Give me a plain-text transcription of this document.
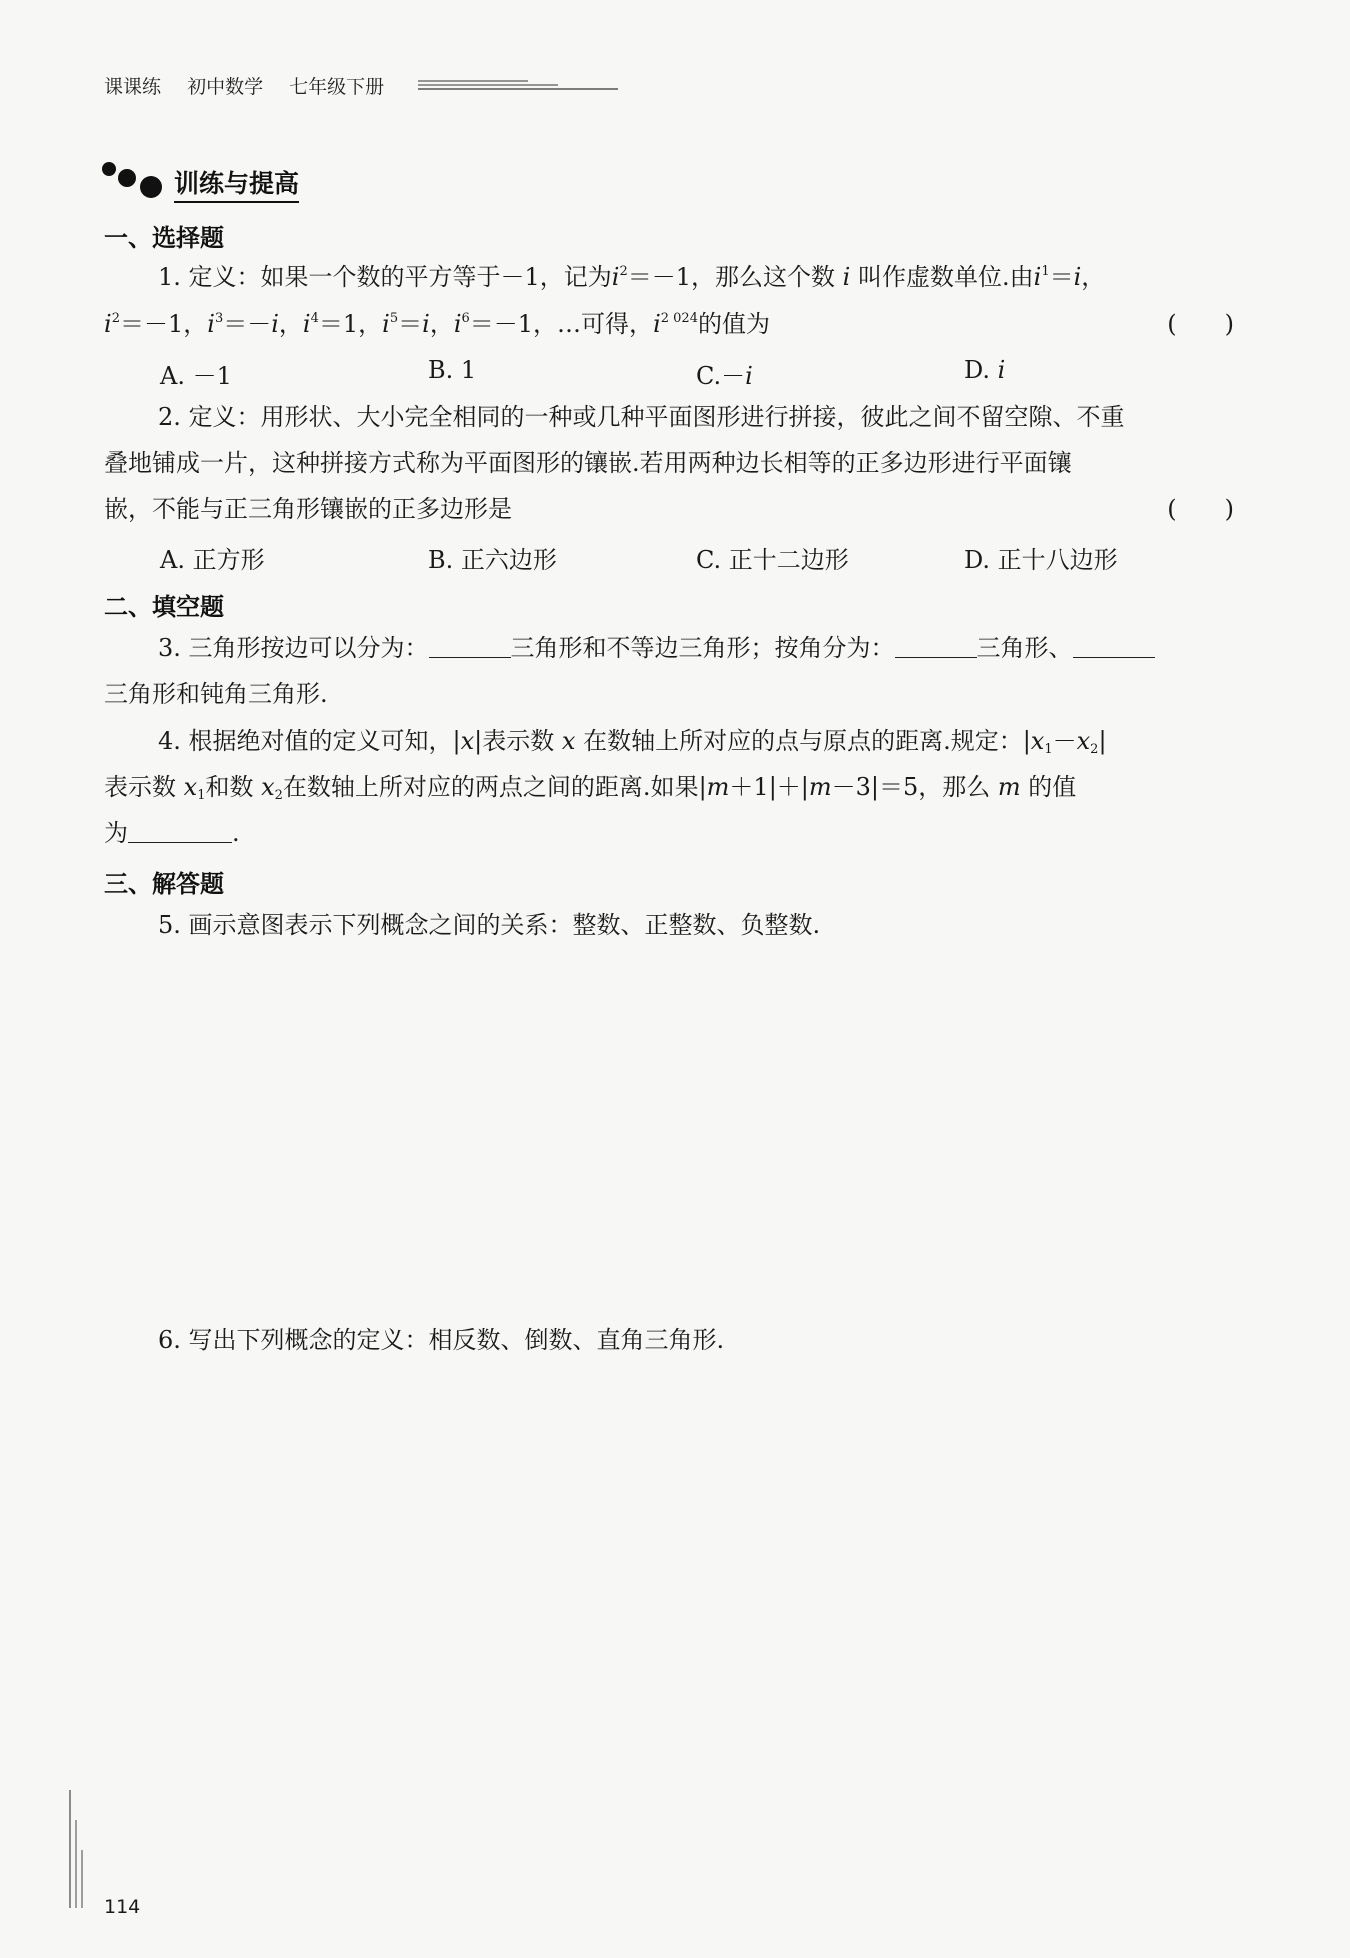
课课练 初中数学 七年级下册
训练与提高
一、选择题
1. 定义：如果一个数的平方等于－1，记为$i^2=-1$，那么这个数 i 叫作虚数单位.由$i^1=i$，
$i^2=-1$，$i^3=-i$，$i^4=1$，$i^5=i$，$i^6=-1$，…可得，$i^{2 024}$的值为	(　　)
A. －1	B. 1	C.－i	D. i
2. 定义：用形状、大小完全相同的一种或几种平面图形进行拼接，彼此之间不留空隙、不重
叠地铺成一片，这种拼接方式称为平面图形的镶嵌.若用两种边长相等的正多边形进行平面镶
嵌，不能与正三角形镶嵌的正多边形是	(　　)
A. 正方形	B. 正六边形	C. 正十二边形	D. 正十八边形
二、填空题
3. 三角形按边可以分为：	三角形和不等边三角形；按角分为：	三角形、
三角形和钝角三角形.
4. 根据绝对值的定义可知，|x|表示数 x 在数轴上所对应的点与原点的距离.规定：$|x_1-x_2|$
表示数 $x_1$和数 $x_2$在数轴上所对应的两点之间的距离.如果|m＋1|＋|m－3|＝5，那么 m 的值
为	.
三、解答题
5. 画示意图表示下列概念之间的关系：整数、正整数、负整数.
6. 写出下列概念的定义：相反数、倒数、直角三角形.
114
